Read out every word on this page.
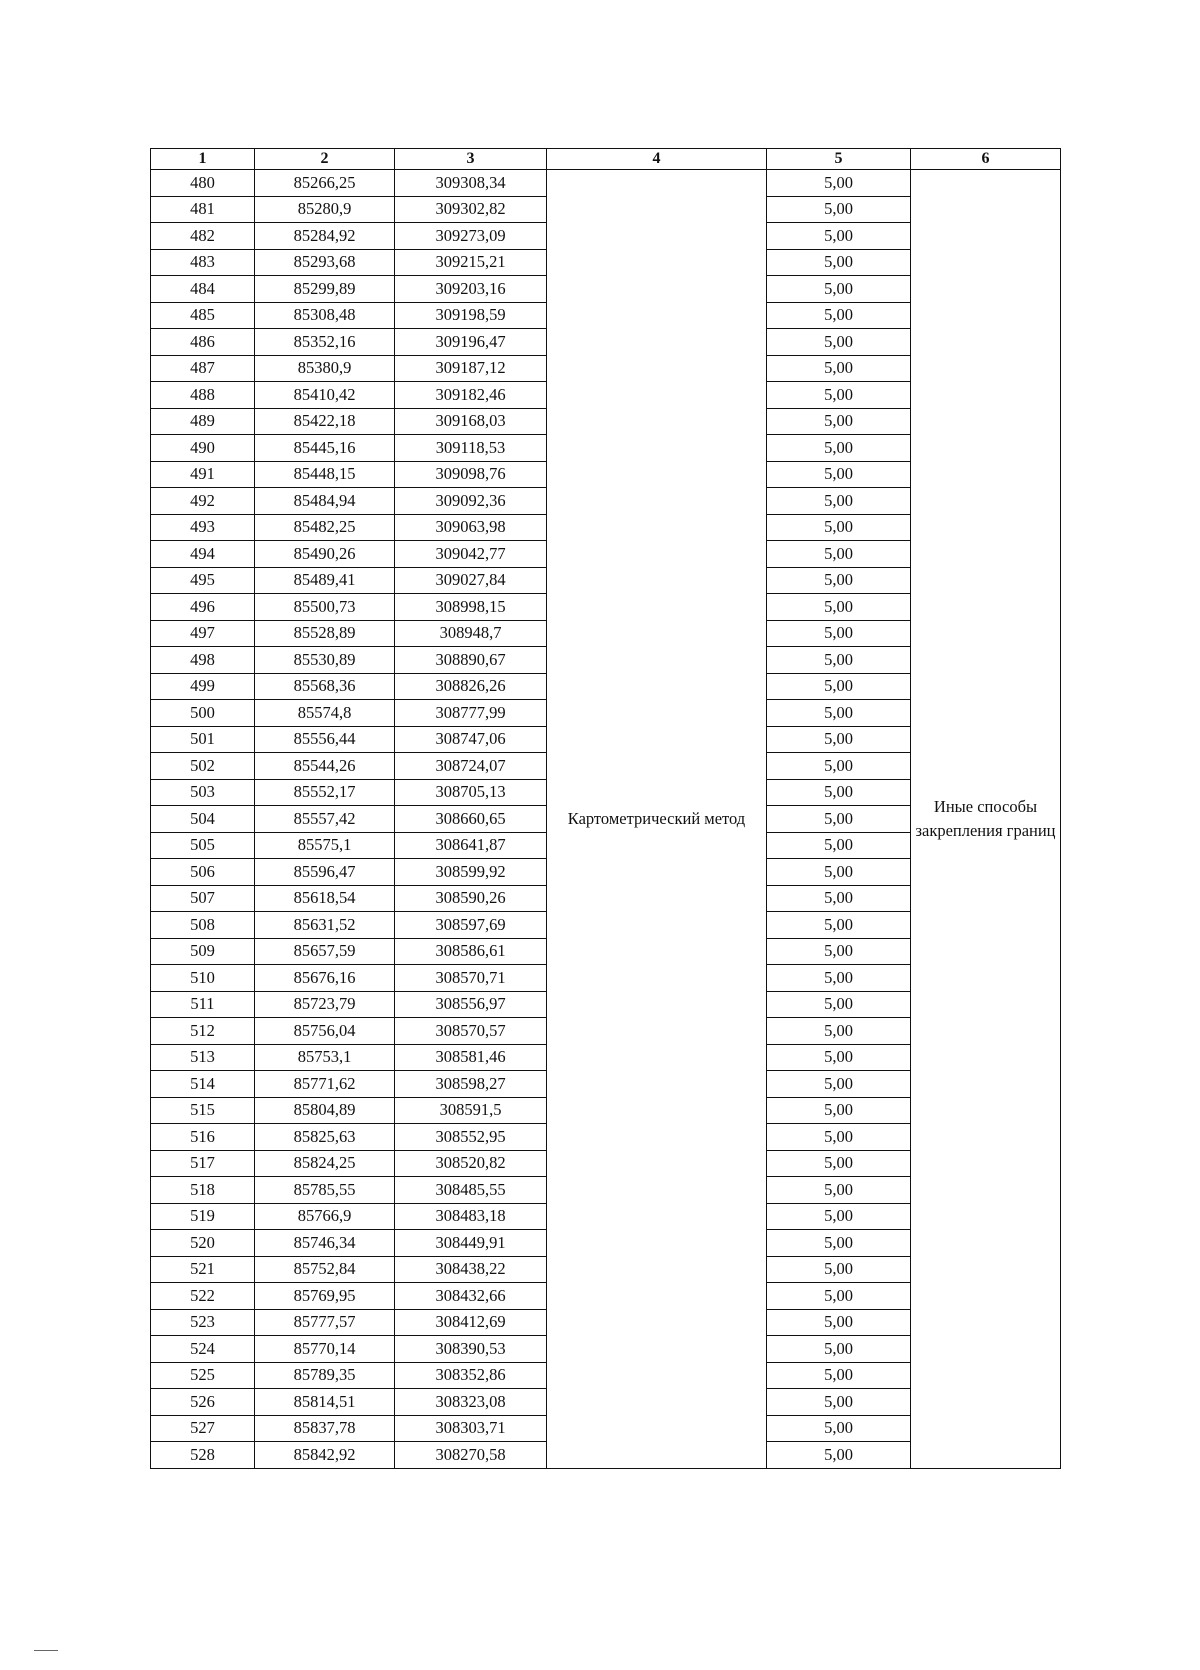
1	2	3	4	5	6
480	85266,25	309308,34	Картометрический метод	5,00	Иные способы закрепления границ
481	85280,9	309302,82		5,00	
482	85284,92	309273,09		5,00	
483	85293,68	309215,21		5,00	
484	85299,89	309203,16		5,00	
485	85308,48	309198,59		5,00	
486	85352,16	309196,47		5,00	
487	85380,9	309187,12		5,00	
488	85410,42	309182,46		5,00	
489	85422,18	309168,03		5,00	
490	85445,16	309118,53		5,00	
491	85448,15	309098,76		5,00	
492	85484,94	309092,36		5,00	
493	85482,25	309063,98		5,00	
494	85490,26	309042,77		5,00	
495	85489,41	309027,84		5,00	
496	85500,73	308998,15		5,00	
497	85528,89	308948,7		5,00	
498	85530,89	308890,67		5,00	
499	85568,36	308826,26		5,00	
500	85574,8	308777,99		5,00	
501	85556,44	308747,06		5,00	
502	85544,26	308724,07		5,00	
503	85552,17	308705,13		5,00	
504	85557,42	308660,65		5,00	
505	85575,1	308641,87		5,00	
506	85596,47	308599,92		5,00	
507	85618,54	308590,26		5,00	
508	85631,52	308597,69		5,00	
509	85657,59	308586,61		5,00	
510	85676,16	308570,71		5,00	
511	85723,79	308556,97		5,00	
512	85756,04	308570,57		5,00	
513	85753,1	308581,46		5,00	
514	85771,62	308598,27		5,00	
515	85804,89	308591,5		5,00	
516	85825,63	308552,95		5,00	
517	85824,25	308520,82		5,00	
518	85785,55	308485,55		5,00	
519	85766,9	308483,18		5,00	
520	85746,34	308449,91		5,00	
521	85752,84	308438,22		5,00	
522	85769,95	308432,66		5,00	
523	85777,57	308412,69		5,00	
524	85770,14	308390,53		5,00	
525	85789,35	308352,86		5,00	
526	85814,51	308323,08		5,00	
527	85837,78	308303,71		5,00	
528	85842,92	308270,58		5,00	
